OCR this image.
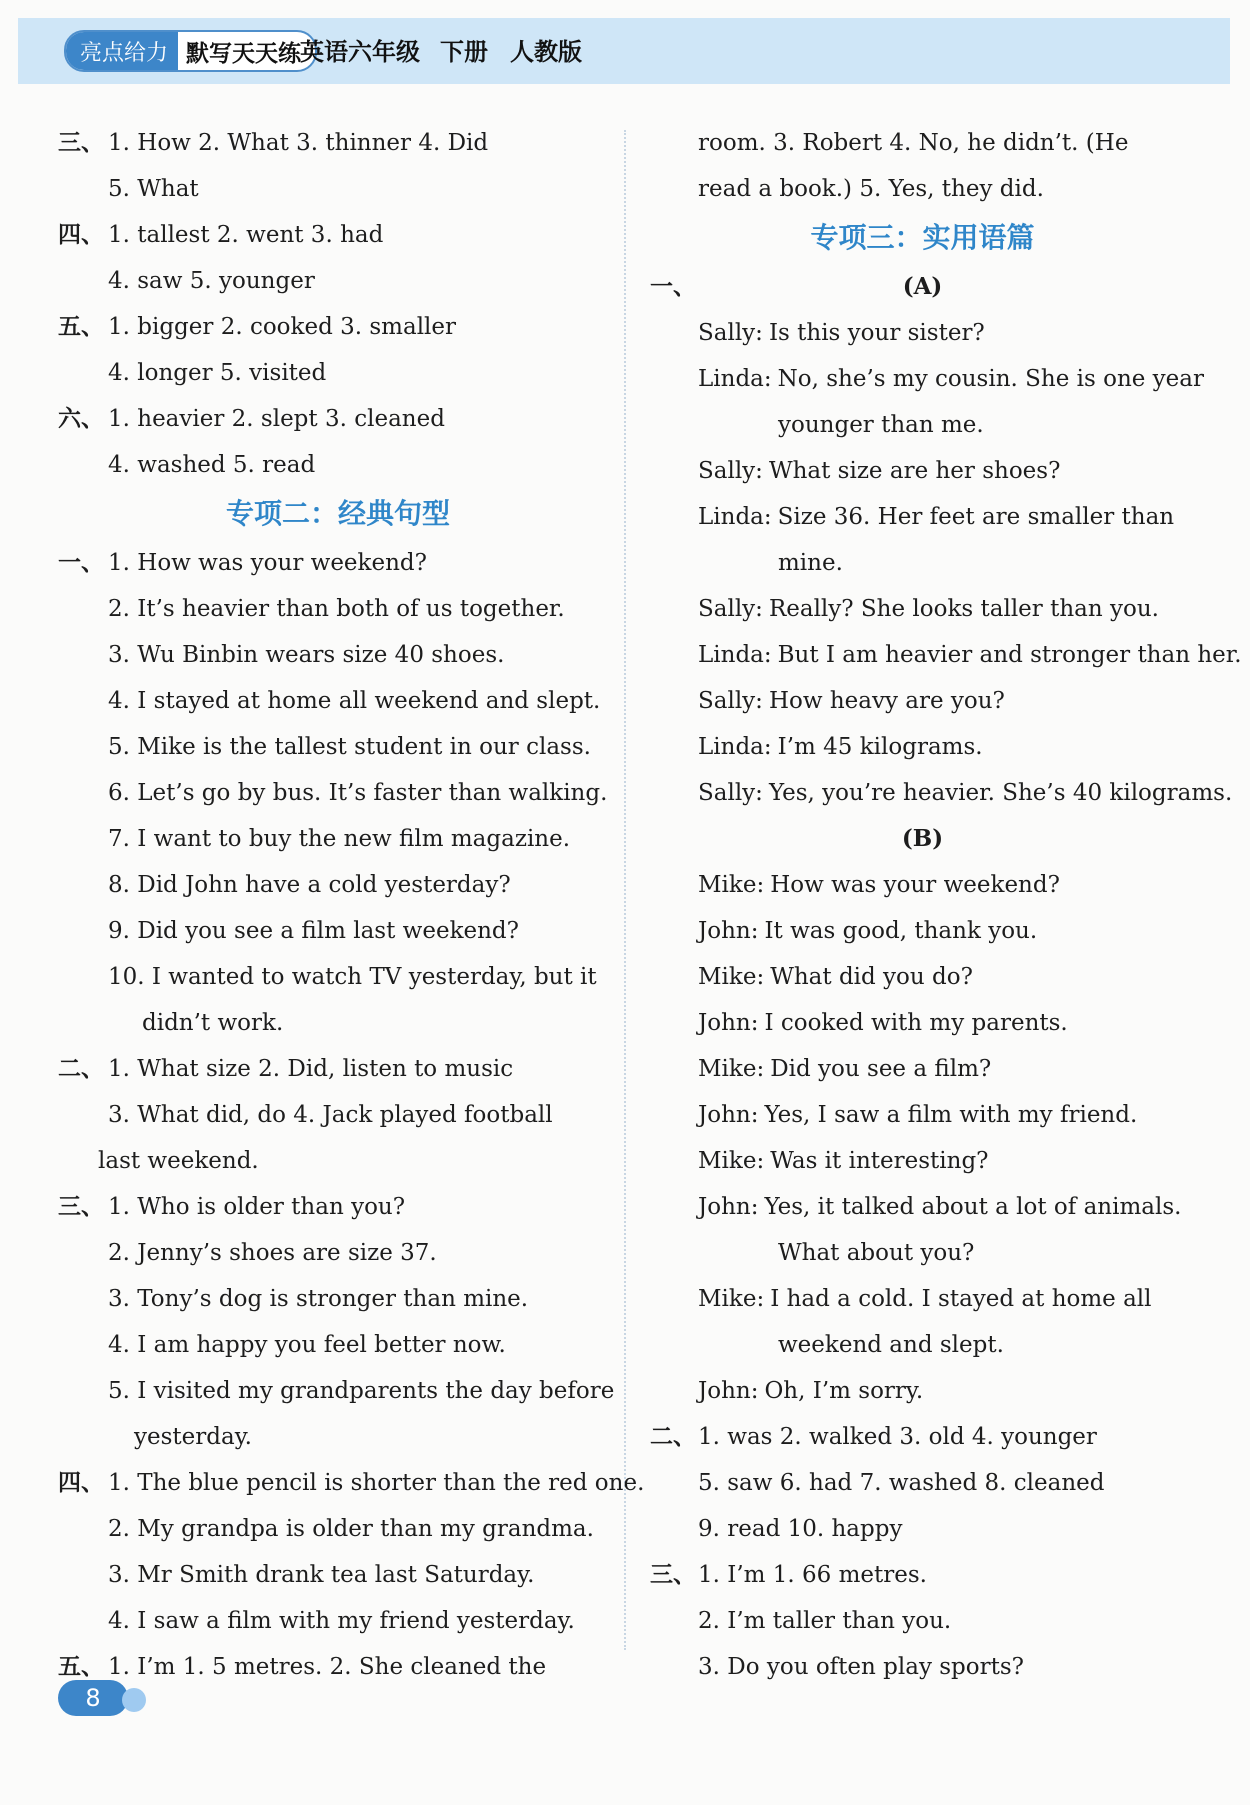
亮点给力 默写天天练
英语六年级 下册 人教版
三、 1. How 2. What 3. thinner 4. Did
5. What
四、 1. tallest 2. went 3. had
4. saw 5. younger
五、 1. bigger 2. cooked 3. smaller
4. longer 5. visited
六、 1. heavier 2. slept 3. cleaned
4. washed 5. read
专项二：经典句型
一、 1. How was your weekend?
2. It’s heavier than both of us together.
3. Wu Binbin wears size 40 shoes.
4. I stayed at home all weekend and slept.
5. Mike is the tallest student in our class.
6. Let’s go by bus. It’s faster than walking.
7. I want to buy the new film magazine.
8. Did John have a cold yesterday?
9. Did you see a film last weekend?
10. I wanted to watch TV yesterday, but it
didn’t work.
二、 1. What size 2. Did, listen to music
3. What did, do 4. Jack played football
last weekend.
三、 1. Who is older than you?
2. Jenny’s shoes are size 37.
3. Tony’s dog is stronger than mine.
4. I am happy you feel better now.
5. I visited my grandparents the day before
yesterday.
四、 1. The blue pencil is shorter than the red one.
2. My grandpa is older than my grandma.
3. Mr Smith drank tea last Saturday.
4. I saw a film with my friend yesterday.
五、 1. I’m 1. 5 metres. 2. She cleaned the
room. 3. Robert 4. No, he didn’t. (He
read a book.) 5. Yes, they did.
专项三：实用语篇
一、	(A)
Sally: Is this your sister?
Linda: No, she’s my cousin. She is one year
younger than me.
Sally: What size are her shoes?
Linda: Size 36. Her feet are smaller than
mine.
Sally: Really? She looks taller than you.
Linda: But I am heavier and stronger than her.
Sally: How heavy are you?
Linda: I’m 45 kilograms.
Sally: Yes, you’re heavier. She’s 40 kilograms.
(B)
Mike: How was your weekend?
John: It was good, thank you.
Mike: What did you do?
John: I cooked with my parents.
Mike: Did you see a film?
John: Yes, I saw a film with my friend.
Mike: Was it interesting?
John: Yes, it talked about a lot of animals.
What about you?
Mike: I had a cold. I stayed at home all
weekend and slept.
John: Oh, I’m sorry.
二、 1. was 2. walked 3. old 4. younger
5. saw 6. had 7. washed 8. cleaned
9. read 10. happy
三、 1. I’m 1. 66 metres.
2. I’m taller than you.
3. Do you often play sports?
8
